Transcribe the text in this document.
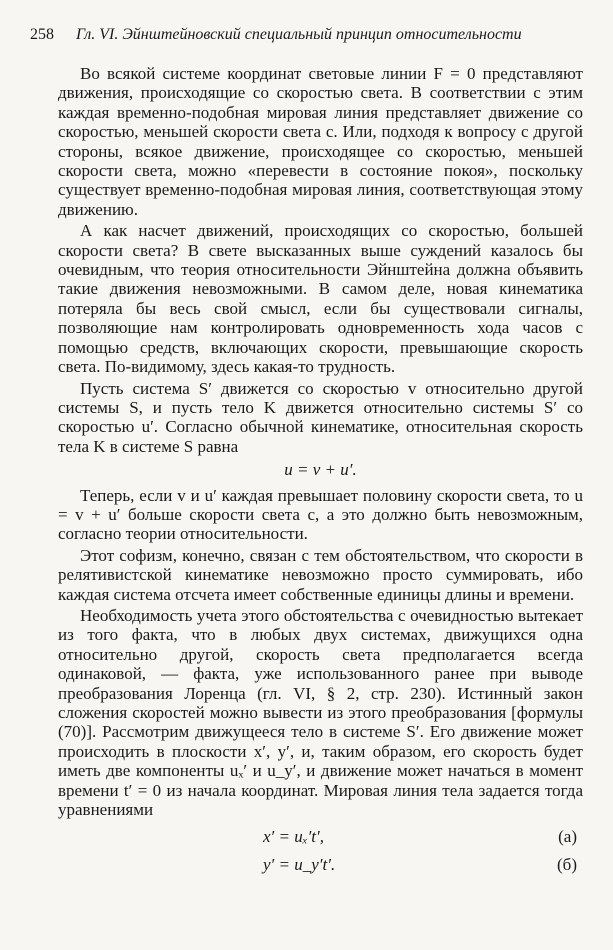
258 Гл. VI. Эйнштейновский специальный принцип относительности

Во всякой системе координат световые линии F = 0 представляют движения, происходящие со скоростью света. В соответствии с этим каждая временно-подобная мировая линия представляет движение со скоростью, меньшей скорости света c. Или, подходя к вопросу с другой стороны, всякое движение, происходящее со скоростью, меньшей скорости света, можно «перевести в состояние покоя», поскольку существует временно-подобная мировая линия, соответствующая этому движению.

А как насчет движений, происходящих со скоростью, большей скорости света? В свете высказанных выше суждений казалось бы очевидным, что теория относительности Эйнштейна должна объявить такие движения невозможными. В самом деле, новая кинематика потеряла бы весь свой смысл, если бы существовали сигналы, позволяющие нам контролировать одновременность хода часов с помощью средств, включающих скорости, превышающие скорость света. По-видимому, здесь какая-то трудность.

Пусть система S′ движется со скоростью v относительно другой системы S, и пусть тело K движется относительно системы S′ со скоростью u′. Согласно обычной кинематике, относительная скорость тела K в системе S равна

u = v + u′.

Теперь, если v и u′ каждая превышает половину скорости света, то u = v + u′ больше скорости света c, а это должно быть невозможным, согласно теории относительности.

Этот софизм, конечно, связан с тем обстоятельством, что скорости в релятивистской кинематике невозможно просто суммировать, ибо каждая система отсчета имеет собственные единицы длины и времени.

Необходимость учета этого обстоятельства с очевидностью вытекает из того факта, что в любых двух системах, движущихся одна относительно другой, скорость света предполагается всегда одинаковой, — факта, уже использованного ранее при выводе преобразования Лоренца (гл. VI, § 2, стр. 230). Истинный закон сложения скоростей можно вывести из этого преобразования [формулы (70)]. Рассмотрим движущееся тело в системе S′. Его движение может происходить в плоскости x′, y′, и, таким образом, его скорость будет иметь две компоненты uₓ′ и u_y′, и движение может начаться в момент времени t′ = 0 из начала координат. Мировая линия тела задается тогда уравнениями

x′ = uₓ′t′,	(a)
y′ = u_y′t′.	(б)
